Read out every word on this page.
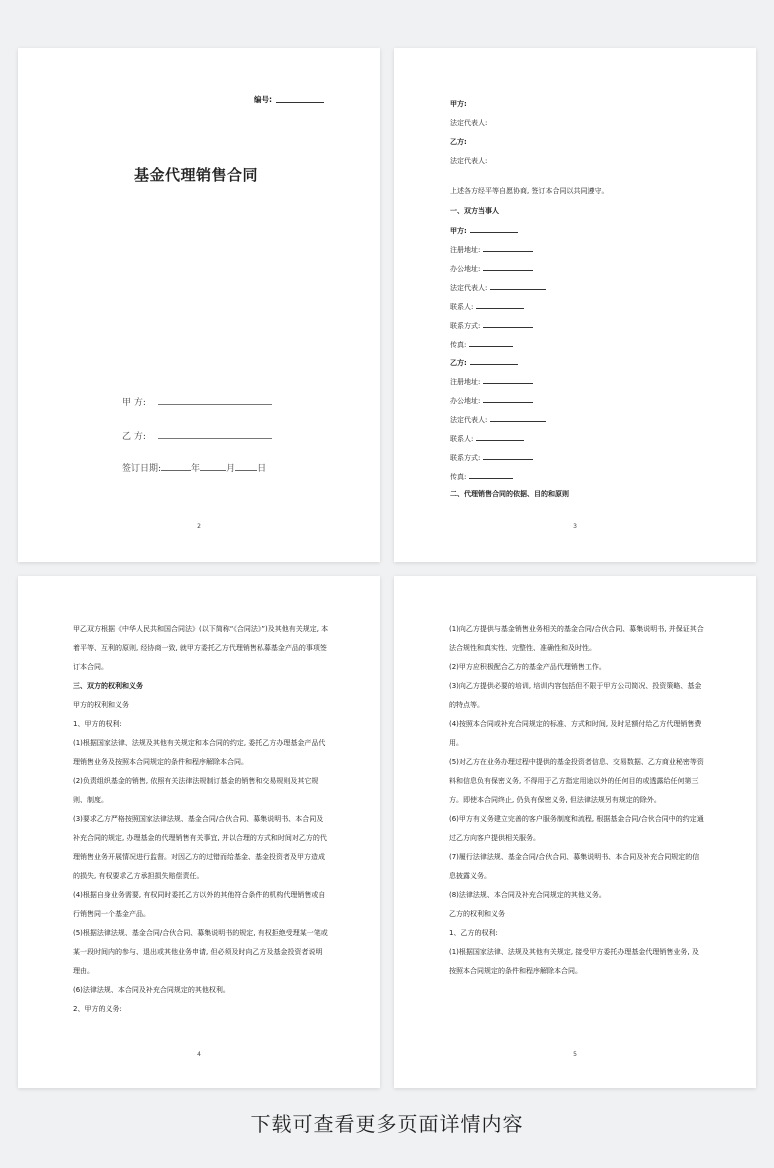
编号:
基金代理销售合同
甲 方:
乙 方:
签订日期:	年	月 日
2
甲方:
法定代表人:
乙方:
法定代表人:
上述各方经平等自愿协商, 签订本合同以共同遵守。
一、双方当事人
甲方:
注册地址:
办公地址:
法定代表人:
联系人:
联系方式:
传真:
乙方:
注册地址:
办公地址:
法定代表人:
联系人:
联系方式:
传真:
二、代理销售合同的依据、目的和原则
3
甲乙双方根据《中华人民共和国合同法》(以下简称“《合同法》”)及其他有关规定, 本着平等、互利的原则, 经协商一致, 就甲方委托乙方代理销售私募基金产品的事项签订本合同。
三、双方的权利和义务
甲方的权利和义务
1、甲方的权利:
(1)根据国家法律、法规及其他有关规定和本合同的约定, 委托乙方办理基金产品代理销售业务及按照本合同规定的条件和程序解除本合同。
(2)负责组织基金的销售, 依照有关法律法规制订基金的销售和交易规则及其它规则、制度。
(3)要求乙方严格按照国家法律法规、基金合同/合伙合同、募集说明书、本合同及补充合同的规定, 办理基金的代理销售有关事宜, 并以合理的方式和时间对乙方的代理销售业务开展情况进行监督。对因乙方的过错而给基金、基金投资者及甲方造成的损失, 有权要求乙方承担损失赔偿责任。
(4)根据自身业务需要, 有权同时委托乙方以外的其他符合条件的机构代理销售或自行销售同一个基金产品。
(5)根据法律法规、基金合同/合伙合同、募集说明书的规定, 有权拒绝受理某一笔或某一段时间内的参与、退出或其他业务申请, 但必须及时向乙方及基金投资者说明理由。
(6)法律法规、本合同及补充合同规定的其他权利。
2、甲方的义务:
4
(1)向乙方提供与基金销售业务相关的基金合同/合伙合同、募集说明书, 并保证其合法合规性和真实性、完整性、准确性和及时性。
(2)甲方应积极配合乙方的基金产品代理销售工作。
(3)向乙方提供必要的培训, 培训内容包括但不限于甲方公司简况、投资策略、基金的特点等。
(4)按照本合同或补充合同规定的标准、方式和时间, 及时足额付给乙方代理销售费用。
(5)对乙方在业务办理过程中提供的基金投资者信息、交易数据、乙方商业秘密等资料和信息负有保密义务, 不得用于乙方指定用途以外的任何目的或透露给任何第三方。即使本合同终止, 仍负有保密义务, 但法律法规另有规定的除外。
(6)甲方有义务建立完善的客户服务制度和流程, 根据基金合同/合伙合同中的约定通过乙方向客户提供相关服务。
(7)履行法律法规、基金合同/合伙合同、募集说明书、本合同及补充合同规定的信息披露义务。
(8)法律法规、本合同及补充合同规定的其他义务。
乙方的权利和义务
1、乙方的权利:
(1)根据国家法律、法规及其他有关规定, 接受甲方委托办理基金代理销售业务, 及按照本合同规定的条件和程序解除本合同。
5
下载可查看更多页面详情内容
